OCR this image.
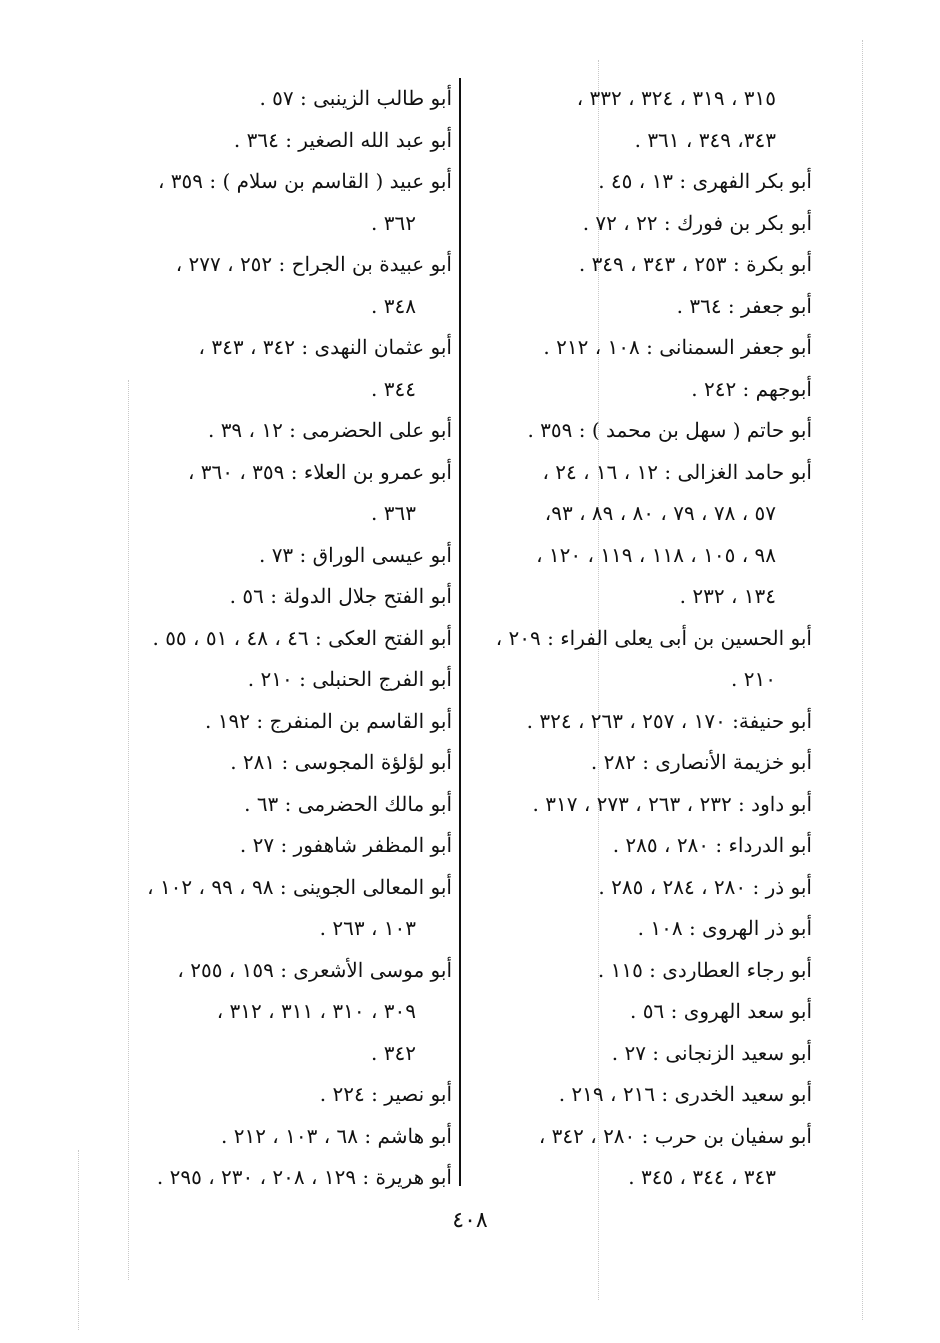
٣١٥ ، ٣١٩ ، ٣٢٤ ، ٣٣٢ ،
٣٤٣، ٣٤٩ ، ٣٦١ .
أبو بكر الفهرى : ١٣ ، ٤٥ .
أبو بكر بن فورك : ٢٢ ، ٧٢ .
أبو بكرة : ٢٥٣ ، ٣٤٣ ، ٣٤٩ .
أبو جعفر : ٣٦٤ .
أبو جعفر السمنانى : ١٠٨ ، ٢١٢ .
أبوجهم : ٢٤٢ .
أبو حاتم ( سهل بن محمد ) : ٣٥٩ .
أبو حامد الغزالى : ١٢ ، ١٦ ، ٢٤ ،
٥٧ ، ٧٨ ، ٧٩ ، ٨٠ ، ٨٩ ، ٩٣،
٩٨ ، ١٠٥ ، ١١٨ ، ١١٩ ، ١٢٠ ،
١٣٤ ، ٢٣٢ .
أبو الحسين بن أبى يعلى الفراء : ٢٠٩ ،
٢١٠ .
أبو حنيفة: ١٧٠ ، ٢٥٧ ، ٢٦٣ ، ٣٢٤ .
أبو خزيمة الأنصارى : ٢٨٢ .
أبو داود : ٢٣٢ ، ٢٦٣ ، ٢٧٣ ، ٣١٧ .
أبو الدرداء : ٢٨٠ ، ٢٨٥ .
أبو ذر : ٢٨٠ ، ٢٨٤ ، ٢٨٥ .
أبو ذر الهروى : ١٠٨ .
أبو رجاء العطاردى : ١١٥ .
أبو سعد الهروى : ٥٦ .
أبو سعيد الزنجانى : ٢٧ .
أبو سعيد الخدرى : ٢١٦ ، ٢١٩ .
أبو سفيان بن حرب : ٢٨٠ ، ٣٤٢ ،
٣٤٣ ، ٣٤٤ ، ٣٤٥ .
أبو طالب الزينبى : ٥٧ .
أبو عبد الله الصغير : ٣٦٤ .
أبو عبيد ( القاسم بن سلام ) : ٣٥٩ ،
٣٦٢ .
أبو عبيدة بن الجراح : ٢٥٢ ، ٢٧٧ ،
٣٤٨ .
أبو عثمان النهدى : ٣٤٢ ، ٣٤٣ ،
٣٤٤ .
أبو على الحضرمى : ١٢ ، ٣٩ .
أبو عمرو بن العلاء : ٣٥٩ ، ٣٦٠ ،
٣٦٣ .
أبو عيسى الوراق : ٧٣ .
أبو الفتح جلال الدولة : ٥٦ .
أبو الفتح العكى : ٤٦ ، ٤٨ ، ٥١ ، ٥٥ .
أبو الفرج الحنبلى : ٢١٠ .
أبو القاسم بن المنفرج : ١٩٢ .
أبو لؤلؤة المجوسى : ٢٨١ .
أبو مالك الحضرمى : ٦٣ .
أبو المظفر شاهفور : ٢٧ .
أبو المعالى الجوينى : ٩٨ ، ٩٩ ، ١٠٢ ،
١٠٣ ، ٢٦٣ .
أبو موسى الأشعرى : ١٥٩ ، ٢٥٥ ،
٣٠٩ ، ٣١٠ ، ٣١١ ، ٣١٢ ،
٣٤٢ .
أبو نصير : ٢٢٤ .
أبو هاشم : ٦٨ ، ١٠٣ ، ٢١٢ .
أبو هريرة : ١٢٩ ، ٢٠٨ ، ٢٣٠ ، ٢٩٥ .
٤٠٨
